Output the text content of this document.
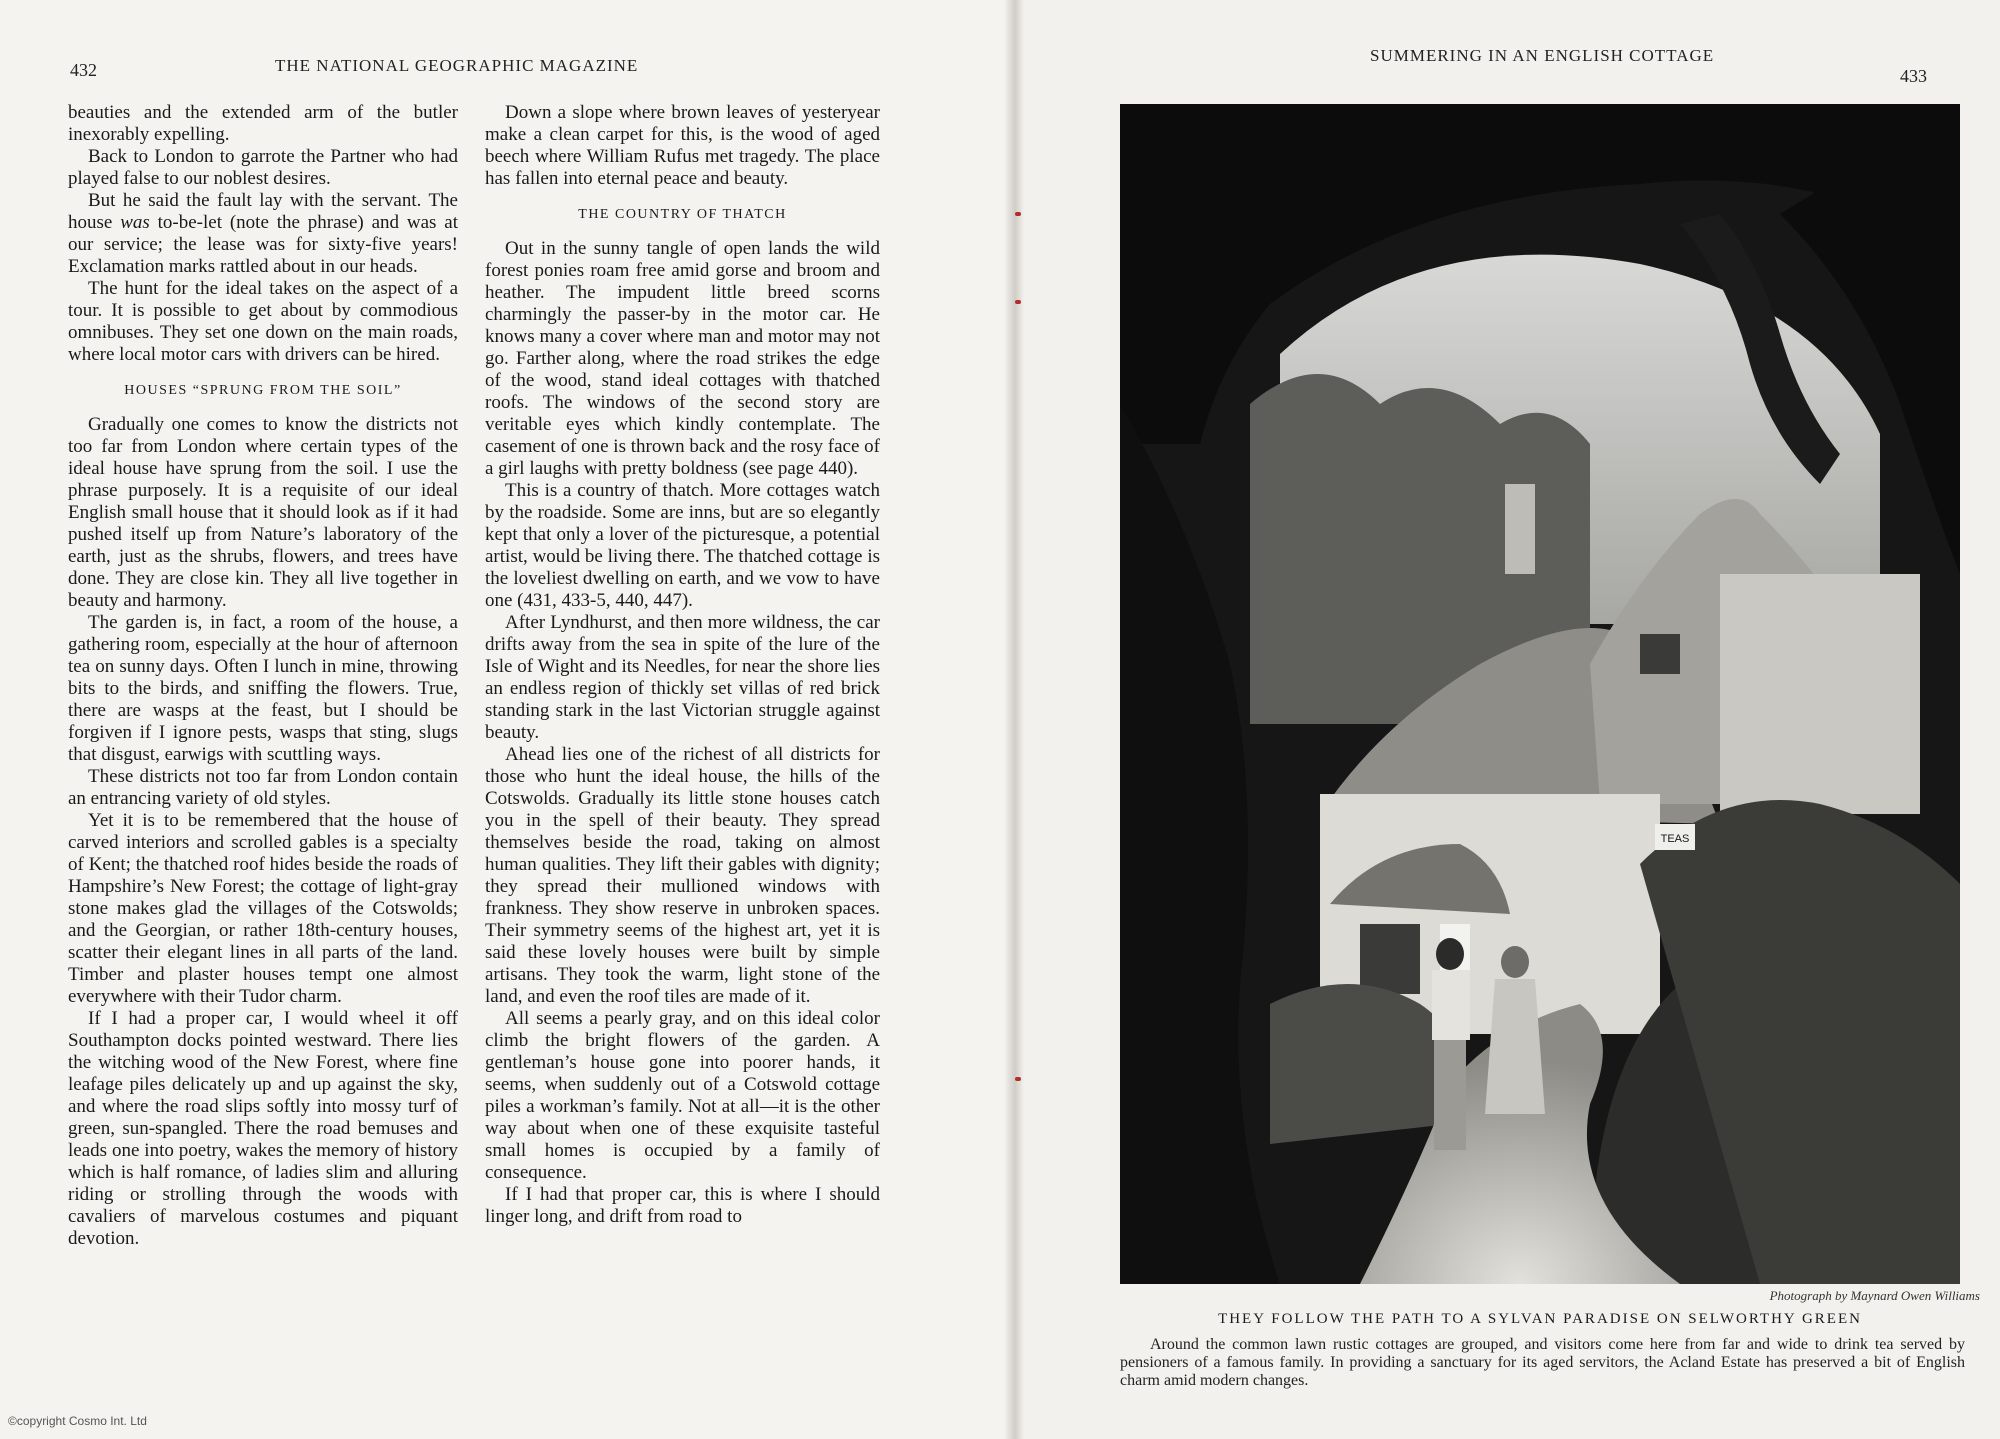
432	THE NATIONAL GEOGRAPHIC MAGAZINE

beauties and the extended arm of the butler inexorably expelling.

Back to London to garrote the Partner who had played false to our noblest desires.

But he said the fault lay with the servant. The house was to-be-let (note the phrase) and was at our service; the lease was for sixty-five years! Exclamation marks rattled about in our heads.

The hunt for the ideal takes on the aspect of a tour. It is possible to get about by commodious omnibuses. They set one down on the main roads, where local motor cars with drivers can be hired.

HOUSES “SPRUNG FROM THE SOIL”

Gradually one comes to know the districts not too far from London where certain types of the ideal house have sprung from the soil. I use the phrase purposely. It is a requisite of our ideal English small house that it should look as if it had pushed itself up from Nature’s laboratory of the earth, just as the shrubs, flowers, and trees have done. They are close kin. They all live together in beauty and harmony.

The garden is, in fact, a room of the house, a gathering room, especially at the hour of afternoon tea on sunny days. Often I lunch in mine, throwing bits to the birds, and sniffing the flowers. True, there are wasps at the feast, but I should be forgiven if I ignore pests, wasps that sting, slugs that disgust, earwigs with scuttling ways.

These districts not too far from London contain an entrancing variety of old styles.

Yet it is to be remembered that the house of carved interiors and scrolled gables is a specialty of Kent; the thatched roof hides beside the roads of Hampshire’s New Forest; the cottage of light-gray stone makes glad the villages of the Cotswolds; and the Georgian, or rather 18th-century houses, scatter their elegant lines in all parts of the land. Timber and plaster houses tempt one almost everywhere with their Tudor charm.

If I had a proper car, I would wheel it off Southampton docks pointed westward. There lies the witching wood of the New Forest, where fine leafage piles delicately up and up against the sky, and where the road slips softly into mossy turf of green, sun-spangled. There the road bemuses and leads one into poetry, wakes the memory of history which is half romance, of ladies slim and alluring riding or strolling through the woods with cavaliers of marvelous costumes and piquant devotion.

Down a slope where brown leaves of yesteryear make a clean carpet for this, is the wood of aged beech where William Rufus met tragedy. The place has fallen into eternal peace and beauty.

THE COUNTRY OF THATCH

Out in the sunny tangle of open lands the wild forest ponies roam free amid gorse and broom and heather. The impudent little breed scorns charmingly the passer-by in the motor car. He knows many a cover where man and motor may not go. Farther along, where the road strikes the edge of the wood, stand ideal cottages with thatched roofs. The windows of the second story are veritable eyes which kindly contemplate. The casement of one is thrown back and the rosy face of a girl laughs with pretty boldness (see page 440).

This is a country of thatch. More cottages watch by the roadside. Some are inns, but are so elegantly kept that only a lover of the picturesque, a potential artist, would be living there. The thatched cottage is the loveliest dwelling on earth, and we vow to have one (431, 433-5, 440, 447).

After Lyndhurst, and then more wildness, the car drifts away from the sea in spite of the lure of the Isle of Wight and its Needles, for near the shore lies an endless region of thickly set villas of red brick standing stark in the last Victorian struggle against beauty.

Ahead lies one of the richest of all districts for those who hunt the ideal house, the hills of the Cotswolds. Gradually its little stone houses catch you in the spell of their beauty. They spread themselves beside the road, taking on almost human qualities. They lift their gables with dignity; they spread their mullioned windows with frankness. They show reserve in unbroken spaces. Their symmetry seems of the highest art, yet it is said these lovely houses were built by simple artisans. They took the warm, light stone of the land, and even the roof tiles are made of it.

All seems a pearly gray, and on this ideal color climb the bright flowers of the garden. A gentleman’s house gone into poorer hands, it seems, when suddenly out of a Cotswold cottage piles a workman’s family. Not at all—it is the other way about when one of these exquisite tasteful small homes is occupied by a family of consequence.

If I had that proper car, this is where I should linger long, and drift from road to

SUMMERING IN AN ENGLISH COTTAGE
433
TEAS
Photograph by Maynard Owen Williams
THEY FOLLOW THE PATH TO A SYLVAN PARADISE ON SELWORTHY GREEN
Around the common lawn rustic cottages are grouped, and visitors come here from far and wide to drink tea served by pensioners of a famous family. In providing a sanctuary for its aged servitors, the Acland Estate has preserved a bit of English charm amid modern changes.
©copyright Cosmo Int. Ltd
